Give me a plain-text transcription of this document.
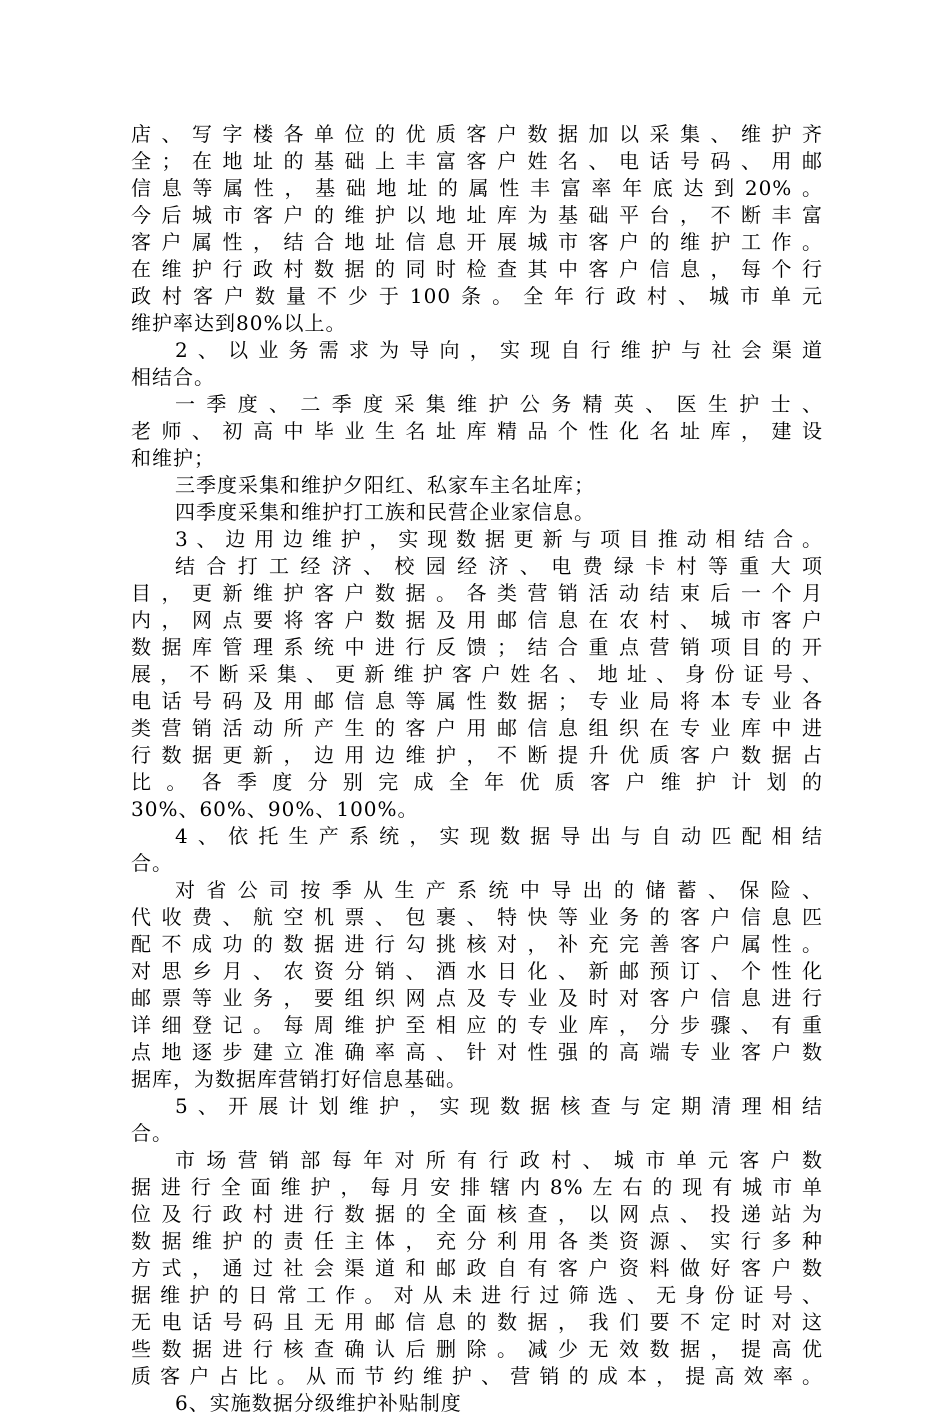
店、写字楼各单位的优质客户数据加以采集、维护齐
全；在地址的基础上丰富客户姓名、电话号码、用邮
信息等属性，基础地址的属性丰富率年底达到20%。
今后城市客户的维护以地址库为基础平台，不断丰富
客户属性，结合地址信息开展城市客户的维护工作。
在维护行政村数据的同时检查其中客户信息，每个行
政村客户数量不少于100条。全年行政村、城市单元
维护率达到80%以上。
2、以业务需求为导向，实现自行维护与社会渠道
相结合。
一季度、二季度采集维护公务精英、医生护士、
老师、初高中毕业生名址库精品个性化名址库，建设
和维护；
三季度采集和维护夕阳红、私家车主名址库；
四季度采集和维护打工族和民营企业家信息。
3、边用边维护，实现数据更新与项目推动相结合。
结合打工经济、校园经济、电费绿卡村等重大项
目，更新维护客户数据。各类营销活动结束后一个月
内，网点要将客户数据及用邮信息在农村、城市客户
数据库管理系统中进行反馈；结合重点营销项目的开
展，不断采集、更新维护客户姓名、地址、身份证号、
电话号码及用邮信息等属性数据；专业局将本专业各
类营销活动所产生的客户用邮信息组织在专业库中进
行数据更新，边用边维护，不断提升优质客户数据占
比。各季度分别完成全年优质客户维护计划的
30%、60%、90%、100%。
4、依托生产系统，实现数据导出与自动匹配相结
合。
对省公司按季从生产系统中导出的储蓄、保险、
代收费、航空机票、包裹、特快等业务的客户信息匹
配不成功的数据进行勾挑核对，补充完善客户属性。
对思乡月、农资分销、酒水日化、新邮预订、个性化
邮票等业务，要组织网点及专业及时对客户信息进行
详细登记。每周维护至相应的专业库，分步骤、有重
点地逐步建立准确率高、针对性强的高端专业客户数
据库，为数据库营销打好信息基础。
5、开展计划维护，实现数据核查与定期清理相结
合。
市场营销部每年对所有行政村、城市单元客户数
据进行全面维护，每月安排辖内8%左右的现有城市单
位及行政村进行数据的全面核查，以网点、投递站为
数据维护的责任主体，充分利用各类资源、实行多种
方式，通过社会渠道和邮政自有客户资料做好客户数
据维护的日常工作。对从未进行过筛选、无身份证号、
无电话号码且无用邮信息的数据，我们要不定时对这
些数据进行核查确认后删除。减少无效数据，提高优
质客户占比。从而节约维护、营销的成本，提高效率。
6、实施数据分级维护补贴制度
